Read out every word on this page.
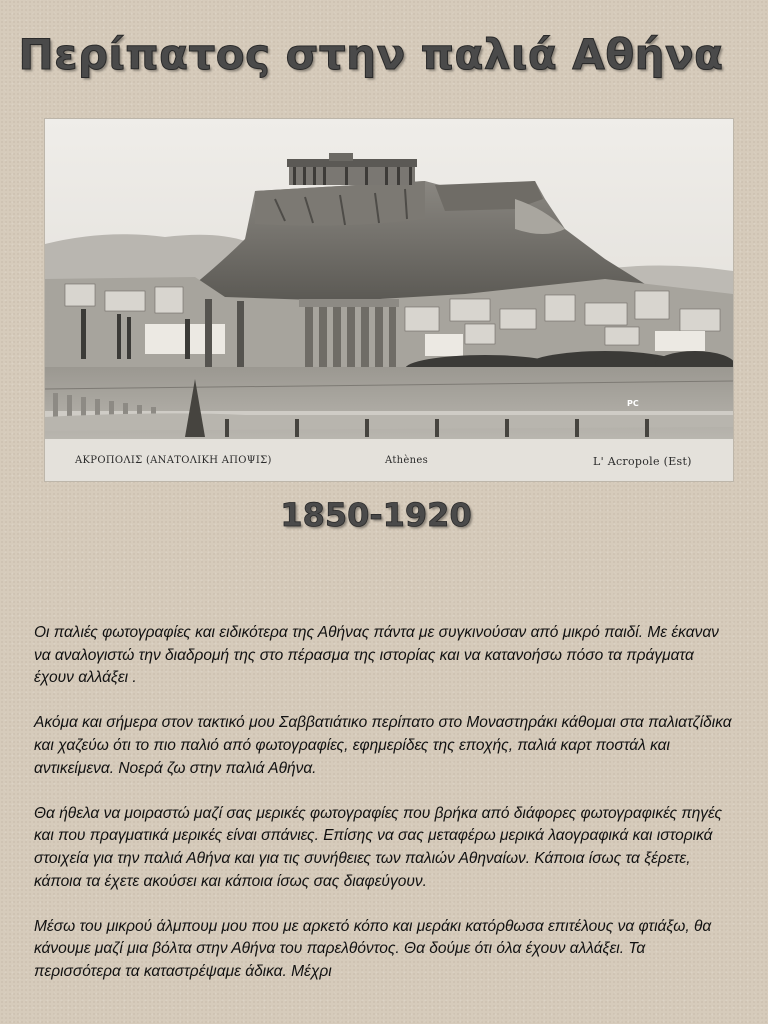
Περίπατος στην παλιά Αθήνα
ΑΚΡΟΠΟΛΙΣ (ΑΝΑΤΟΛΙΚΗ ΑΠΟΨΙΣ)	Athènes	L' Acropole (Est)
PC
1850-1920

Οι παλιές φωτογραφίες και ειδικότερα της Αθήνας πάντα με συγκινούσαν από μικρό παιδί. Με έκαναν να αναλογιστώ την διαδρομή της στο πέρασμα της ιστορίας και να κατανοήσω πόσο τα πράγματα έχουν αλλάξει .

Ακόμα και σήμερα στον τακτικό μου Σαββατιάτικο περίπατο στο Μοναστηράκι κάθομαι στα παλιατζίδικα και χαζεύω ότι το πιο παλιό από φωτογραφίες, εφημερίδες της εποχής, παλιά καρτ ποστάλ και αντικείμενα. Νοερά ζω στην παλιά Αθήνα.

Θα ήθελα να μοιραστώ μαζί σας μερικές φωτογραφίες που βρήκα από διάφορες φωτογραφικές πηγές και που πραγματικά μερικές είναι σπάνιες. Επίσης να σας μεταφέρω μερικά λαογραφικά και ιστορικά στοιχεία για την παλιά Αθήνα και για τις συνήθειες των παλιών Αθηναίων. Κάποια ίσως τα ξέρετε, κάποια τα έχετε ακούσει και κάποια ίσως σας διαφεύγουν.

Μέσω του μικρού άλμπουμ μου που με αρκετό κόπο και μεράκι κατόρθωσα επιτέλους να φτιάξω, θα κάνουμε μαζί μια βόλτα στην Αθήνα του παρελθόντος. Θα δούμε ότι όλα έχουν αλλάξει. Τα περισσότερα τα καταστρέψαμε άδικα. Μέχρι
